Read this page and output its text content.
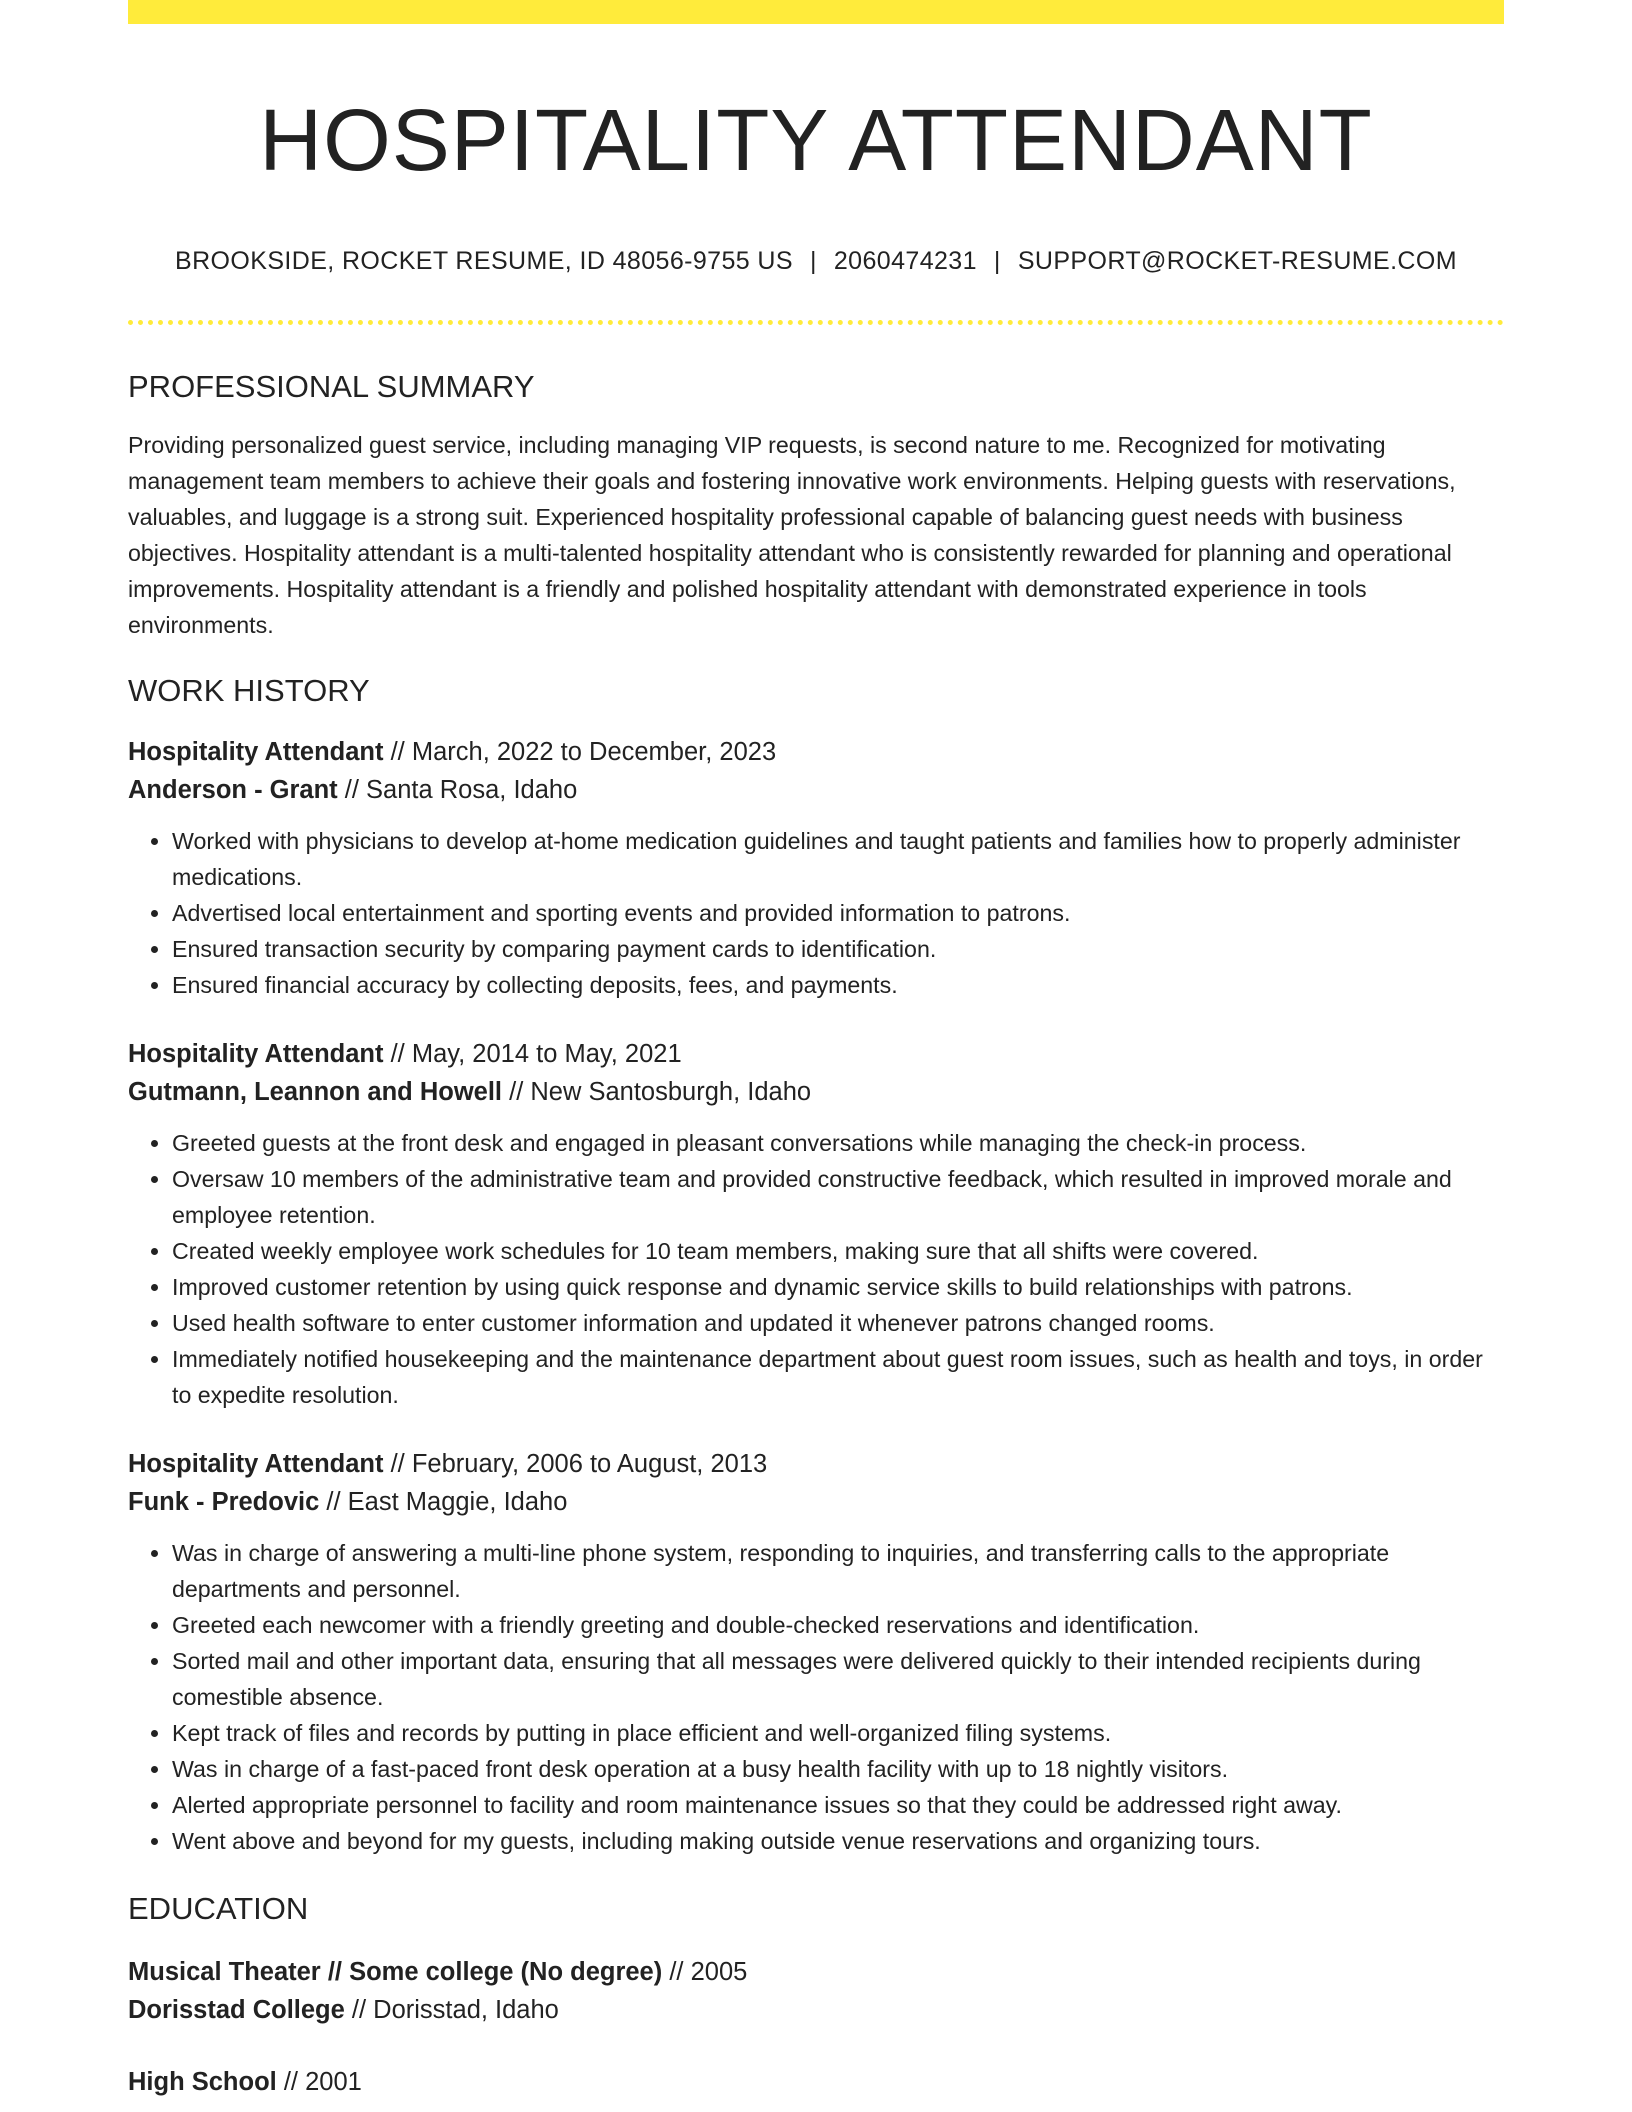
HOSPITALITY ATTENDANT
BROOKSIDE, ROCKET RESUME, ID 48056-9755 US | 2060474231 | SUPPORT@ROCKET-RESUME.COM
PROFESSIONAL SUMMARY
Providing personalized guest service, including managing VIP requests, is second nature to me. Recognized for motivating management team members to achieve their goals and fostering innovative work environments. Helping guests with reservations, valuables, and luggage is a strong suit. Experienced hospitality professional capable of balancing guest needs with business objectives. Hospitality attendant is a multi-talented hospitality attendant who is consistently rewarded for planning and operational improvements. Hospitality attendant is a friendly and polished hospitality attendant with demonstrated experience in tools environments.
WORK HISTORY
Hospitality Attendant // March, 2022 to December, 2023
Anderson - Grant // Santa Rosa, Idaho
• Worked with physicians to develop at-home medication guidelines and taught patients and families how to properly administer medications.
• Advertised local entertainment and sporting events and provided information to patrons.
• Ensured transaction security by comparing payment cards to identification.
• Ensured financial accuracy by collecting deposits, fees, and payments.
Hospitality Attendant // May, 2014 to May, 2021
Gutmann, Leannon and Howell // New Santosburgh, Idaho
• Greeted guests at the front desk and engaged in pleasant conversations while managing the check-in process.
• Oversaw 10 members of the administrative team and provided constructive feedback, which resulted in improved morale and employee retention.
• Created weekly employee work schedules for 10 team members, making sure that all shifts were covered.
• Improved customer retention by using quick response and dynamic service skills to build relationships with patrons.
• Used health software to enter customer information and updated it whenever patrons changed rooms.
• Immediately notified housekeeping and the maintenance department about guest room issues, such as health and toys, in order to expedite resolution.
Hospitality Attendant // February, 2006 to August, 2013
Funk - Predovic // East Maggie, Idaho
• Was in charge of answering a multi-line phone system, responding to inquiries, and transferring calls to the appropriate departments and personnel.
• Greeted each newcomer with a friendly greeting and double-checked reservations and identification.
• Sorted mail and other important data, ensuring that all messages were delivered quickly to their intended recipients during comestible absence.
• Kept track of files and records by putting in place efficient and well-organized filing systems.
• Was in charge of a fast-paced front desk operation at a busy health facility with up to 18 nightly visitors.
• Alerted appropriate personnel to facility and room maintenance issues so that they could be addressed right away.
• Went above and beyond for my guests, including making outside venue reservations and organizing tours.
EDUCATION
Musical Theater // Some college (No degree) // 2005
Dorisstad College // Dorisstad, Idaho
High School // 2001
